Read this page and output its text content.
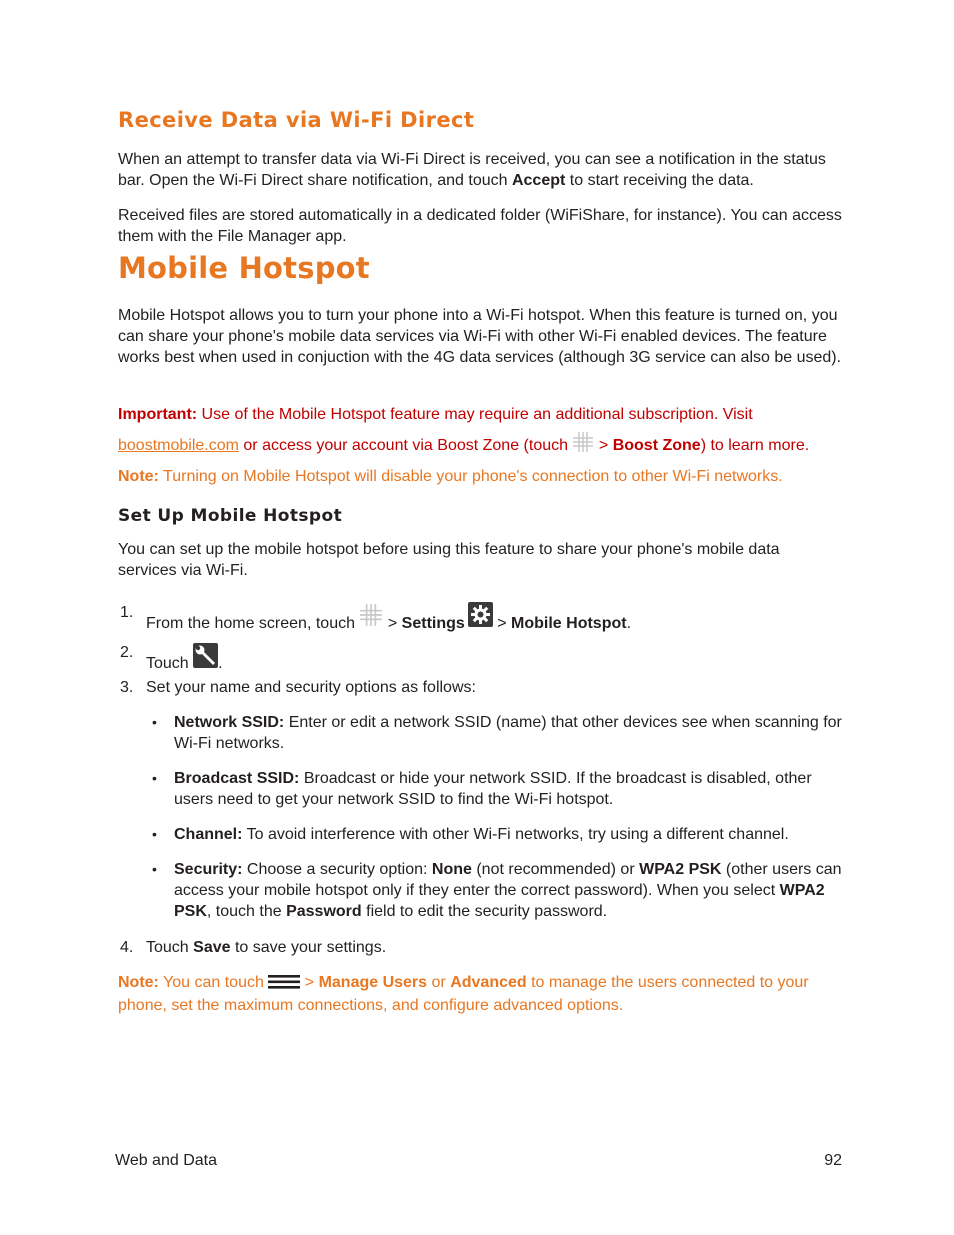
Receive Data via Wi-Fi Direct

When an attempt to transfer data via Wi-Fi Direct is received, you can see a notification in the status bar. Open the Wi-Fi Direct share notification, and touch Accept to start receiving the data.

Received files are stored automatically in a dedicated folder (WiFiShare, for instance). You can access them with the File Manager app.

Mobile Hotspot

Mobile Hotspot allows you to turn your phone into a Wi-Fi hotspot. When this feature is turned on, you can share your phone's mobile data services via Wi-Fi with other Wi-Fi enabled devices. The feature works best when used in conjuction with the 4G data services (although 3G service can also be used).

Important: Use of the Mobile Hotspot feature may require an additional subscription. Visit

boostmobile.com or access your account via Boost Zone (touch  > Boost Zone) to learn more.

Note: Turning on Mobile Hotspot will disable your phone's connection to other Wi-Fi networks.

Set Up Mobile Hotspot

You can set up the mobile hotspot before using this feature to share your phone's mobile data services via Wi-Fi.

1.
From the home screen, touch  > Settings > Mobile Hotspot.
2.
Touch .
3. Set your name and security options as follows:
• Network SSID: Enter or edit a network SSID (name) that other devices see when scanning for Wi-Fi networks.
• Broadcast SSID: Broadcast or hide your network SSID. If the broadcast is disabled, other users need to get your network SSID to find the Wi-Fi hotspot.
• Channel: To avoid interference with other Wi-Fi networks, try using a different channel.
• Security: Choose a security option: None (not recommended) or WPA2 PSK (other users can access your mobile hotspot only if they enter the correct password). When you select WPA2 PSK, touch the Password field to edit the security password.
4. Touch Save to save your settings.

Note: You can touch  > Manage Users or Advanced to manage the users connected to your phone, set the maximum connections, and configure advanced options.

Web and Data	92
